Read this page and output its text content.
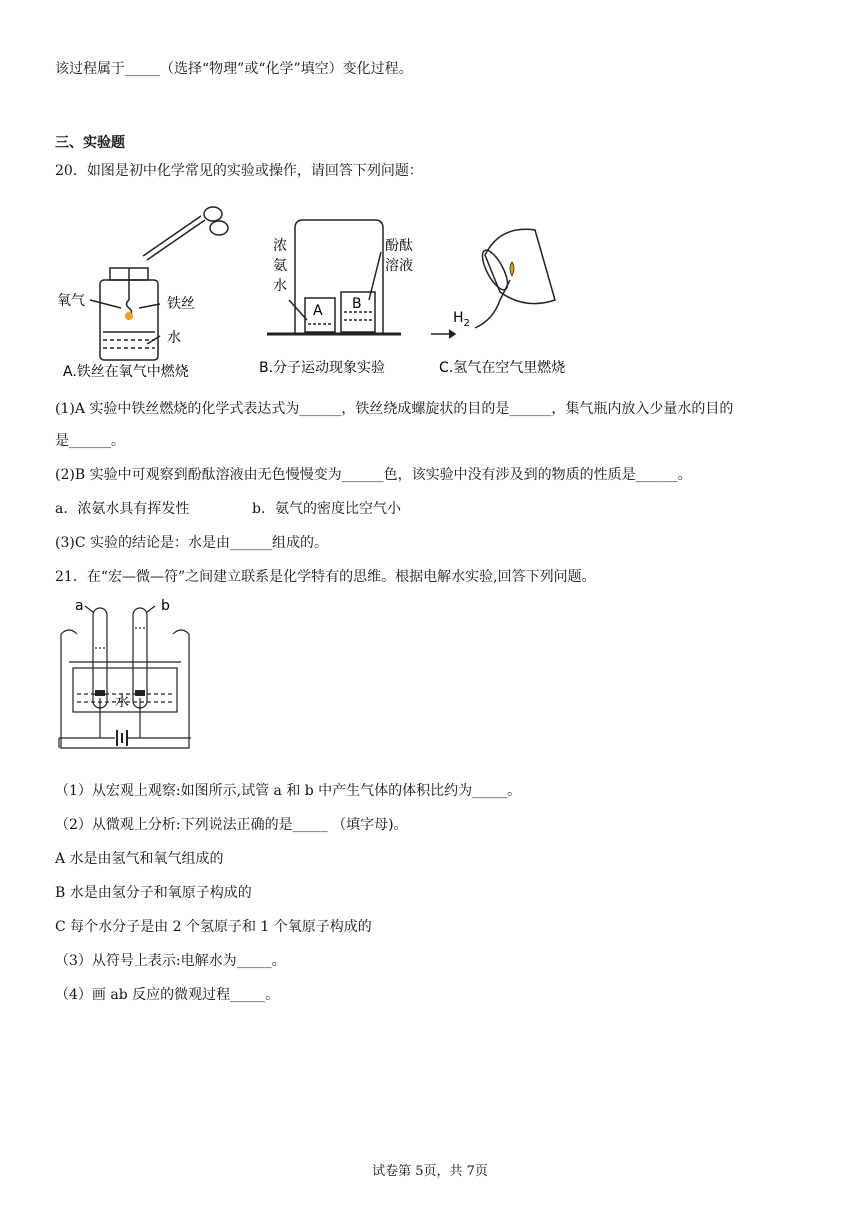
该过程属于_____（选择“物理”或“化学”填空）变化过程。
三、实验题
20．如图是初中化学常见的实验或操作，请回答下列问题：
氧气	铁丝
水
A.铁丝在氧气中燃烧
浓
氨
水
酚酞
溶液
A B
B.分子运动现象实验
$H_2$
C.氢气在空气里燃烧
(1)A 实验中铁丝燃烧的化学式表达式为______，铁丝绕成螺旋状的目的是______，集气瓶内放入少量水的目的
是______。
(2)B 实验中可观察到酚酞溶液由无色慢慢变为______色，该实验中没有涉及到的物质的性质是______。
a．浓氨水具有挥发性	b．氨气的密度比空气小
(3)C 实验的结论是：水是由______组成的。
21．在“宏—微—符”之间建立联系是化学特有的思维。根据电解水实验,回答下列问题。
a	b
水
（1）从宏观上观察:如图所示,试管 a 和 b 中产生气体的体积比约为_____。
（2）从微观上分析:下列说法正确的是_____ （填字母)。
A 水是由氢气和氧气组成的
B 水是由氢分子和氧原子构成的
C 每个水分子是由 2 个氢原子和 1 个氧原子构成的
（3）从符号上表示:电解水为_____。
（4）画 ab 反应的微观过程_____。
试卷第 5页，共 7页
